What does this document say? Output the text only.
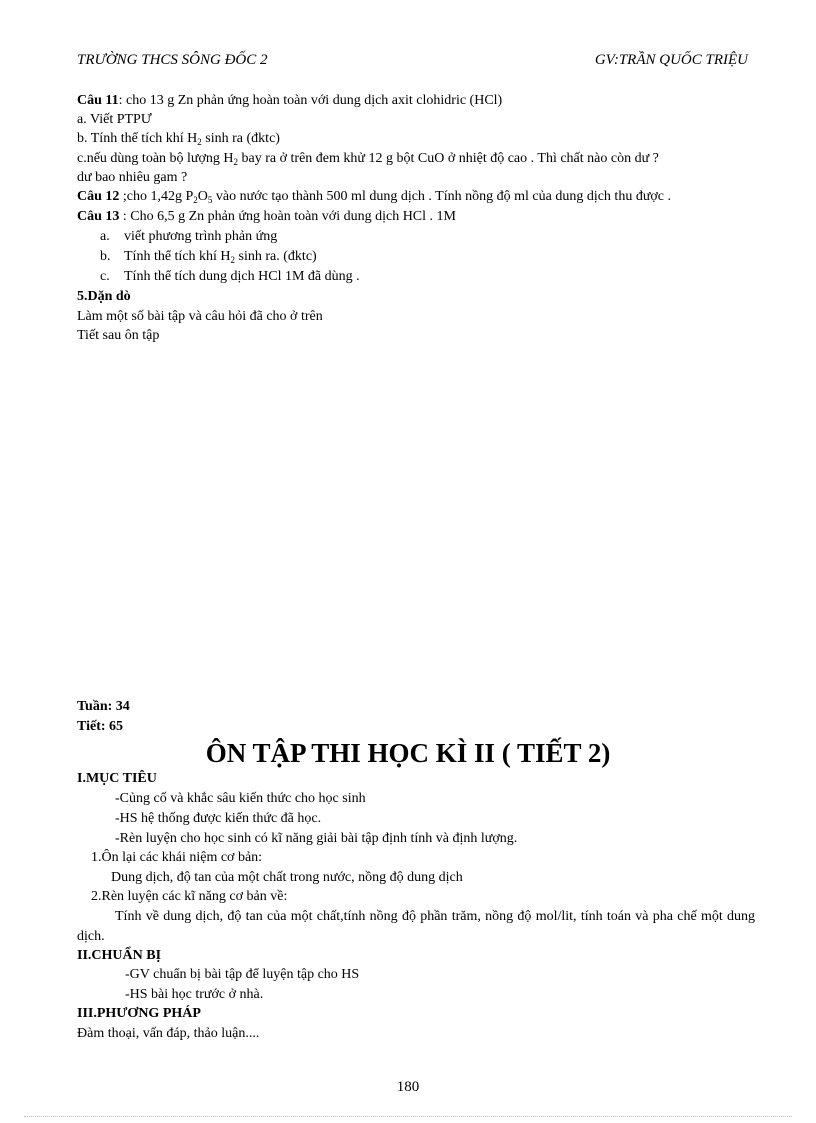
TRƯỜNG THCS SÔNG ĐỐC 2	GV:TRẦN QUỐC TRIỆU
Câu 11: cho 13 g Zn phản ứng hoàn toàn với dung dịch axit clohidric (HCl)
a. Viết PTPƯ
b. Tính thể tích khí $H_2$ sinh ra (đktc)
c.nếu dùng toàn bộ lượng $H_2$ bay ra ở trên đem khử 12 g bột CuO ở nhiệt độ cao . Thì chất nào còn dư ?
dư bao nhiêu gam ?
Câu 12 ;cho 1,42g $P_2O_5$ vào nước tạo thành 500 ml dung dịch . Tính nồng độ ml của dung dịch thu được .
Câu 13 : Cho 6,5 g Zn phản ứng hoàn toàn với dung dịch HCl . 1M
a. viết phương trình phản ứng
b. Tính thể tích khí $H_2$ sinh ra. (đktc)
c. Tính thể tích dung dịch HCl 1M đã dùng .
5.Dặn dò
Làm một số bài tập và câu hỏi đã cho ở trên
Tiết sau ôn tập
Tuần: 34
Tiết: 65
ÔN TẬP THI HỌC KÌ II ( TIẾT 2)
I.MỤC TIÊU
-Củng cố và khắc sâu kiến thức cho học sinh
-HS hệ thống được kiến thức đã học.
-Rèn luyện cho học sinh có kĩ năng giải bài tập định tính và định lượng.
1.Ôn lại các khái niệm cơ bản:
Dung dịch, độ tan của một chất trong nước, nồng độ dung dịch
2.Rèn luyện các kĩ năng cơ bản về:
Tính về dung dịch, độ tan của một chất,tính nồng độ phần trăm, nồng độ mol/lit, tính toán và pha chế một dung dịch.
II.CHUẨN BỊ
-GV chuẩn bị bài tập để luyện tập cho HS
-HS bài học trước ở nhà.
III.PHƯƠNG PHÁP
Đàm thoại, vấn đáp, thảo luận....
180
